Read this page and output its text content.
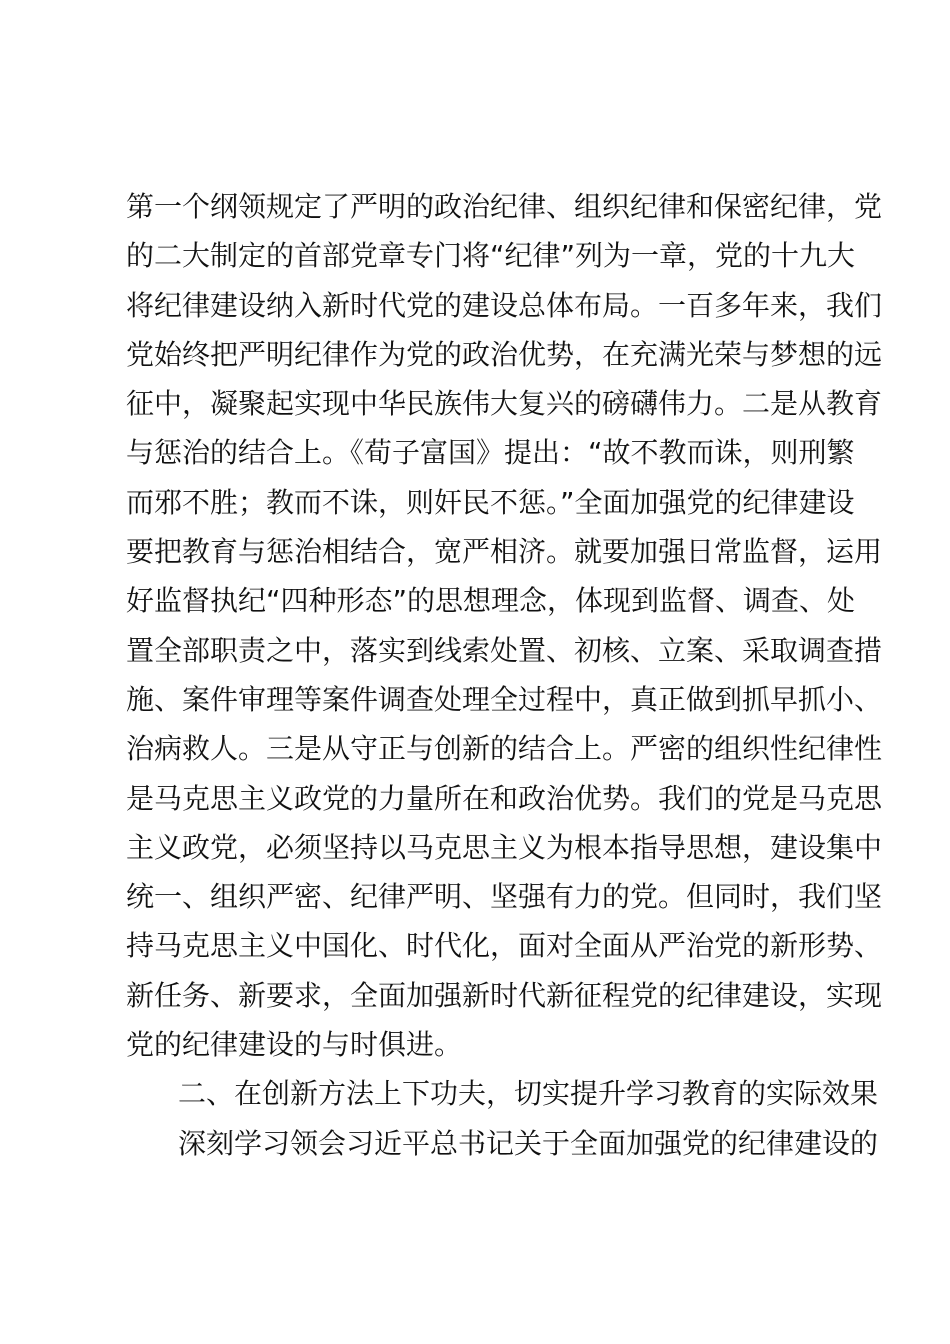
第一个纲领规定了严明的政治纪律、组织纪律和保密纪律，党
的二大制定的首部党章专门将“纪律”列为一章，党的十九大
将纪律建设纳入新时代党的建设总体布局。一百多年来，我们
党始终把严明纪律作为党的政治优势，在充满光荣与梦想的远
征中，凝聚起实现中华民族伟大复兴的磅礴伟力。二是从教育
与惩治的结合上。《荀子富国》提出：“故不教而诛，则刑繁
而邪不胜；教而不诛，则奸民不惩。”全面加强党的纪律建设
要把教育与惩治相结合，宽严相济。就要加强日常监督，运用
好监督执纪“四种形态”的思想理念，体现到监督、调查、处
置全部职责之中，落实到线索处置、初核、立案、采取调查措
施、案件审理等案件调查处理全过程中，真正做到抓早抓小、
治病救人。三是从守正与创新的结合上。严密的组织性纪律性
是马克思主义政党的力量所在和政治优势。我们的党是马克思
主义政党，必须坚持以马克思主义为根本指导思想，建设集中
统一、组织严密、纪律严明、坚强有力的党。但同时，我们坚
持马克思主义中国化、时代化，面对全面从严治党的新形势、
新任务、新要求，全面加强新时代新征程党的纪律建设，实现
党的纪律建设的与时俱进。
二、在创新方法上下功夫，切实提升学习教育的实际效果
深刻学习领会习近平总书记关于全面加强党的纪律建设的
